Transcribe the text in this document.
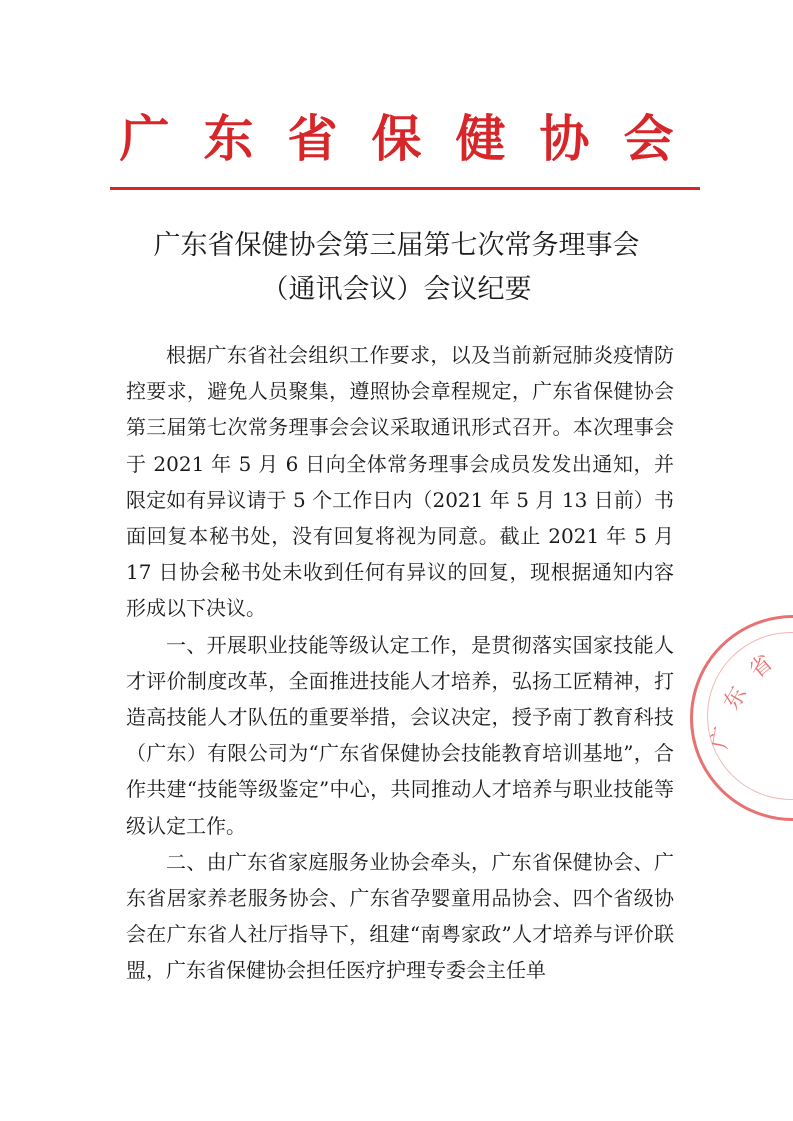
广东省保健协会
广东省保健协会第三届第七次常务理事会
（通讯会议）会议纪要

根据广东省社会组织工作要求，以及当前新冠肺炎疫情防控要求，避免人员聚集，遵照协会章程规定，广东省保健协会第三届第七次常务理事会会议采取通讯形式召开。本次理事会于 2021 年 5 月 6 日向全体常务理事会成员发发出通知，并限定如有异议请于 5 个工作日内（2021 年 5 月 13 日前）书面回复本秘书处，没有回复将视为同意。截止 2021 年 5 月 17 日协会秘书处未收到任何有异议的回复，现根据通知内容形成以下决议。

一、开展职业技能等级认定工作，是贯彻落实国家技能人才评价制度改革，全面推进技能人才培养，弘扬工匠精神，打造高技能人才队伍的重要举措，会议决定，授予南丁教育科技（广东）有限公司为“广东省保健协会技能教育培训基地”，合作共建“技能等级鉴定”中心，共同推动人才培养与职业技能等级认定工作。

二、由广东省家庭服务业协会牵头，广东省保健协会、广东省居家养老服务协会、广东省孕婴童用品协会、四个省级协会在广东省人社厅指导下，组建“南粤家政”人才培养与评价联盟，广东省保健协会担任医疗护理专委会主任单

省
东
广
